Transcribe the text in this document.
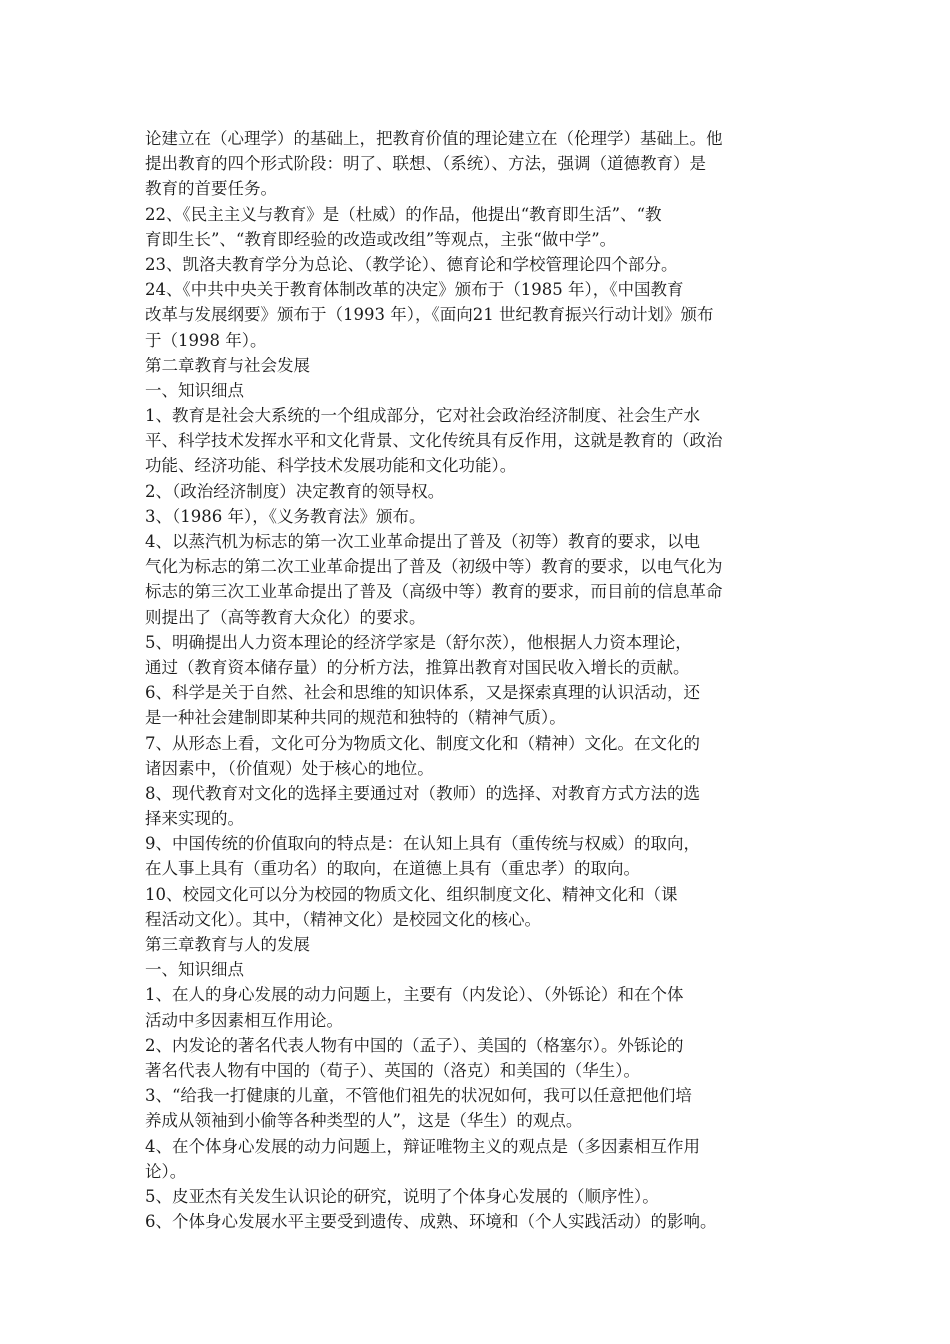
论建立在（心理学）的基础上，把教育价值的理论建立在（伦理学）基础上。他
提出教育的四个形式阶段：明了、联想、（系统）、方法，强调（道德教育）是
教育的首要任务。
22、《民主主义与教育》是（杜威）的作品，他提出“教育即生活”、“教
育即生长”、“教育即经验的改造或改组”等观点，主张“做中学”。
23、凯洛夫教育学分为总论、（教学论）、德育论和学校管理论四个部分。
24、《中共中央关于教育体制改革的决定》颁布于（1985 年），《中国教育
改革与发展纲要》颁布于（1993 年），《面向21 世纪教育振兴行动计划》颁布
于（1998 年）。
第二章教育与社会发展
一、知识细点
1、教育是社会大系统的一个组成部分，它对社会政治经济制度、社会生产水
平、科学技术发挥水平和文化背景、文化传统具有反作用，这就是教育的（政治
功能、经济功能、科学技术发展功能和文化功能）。
2、（政治经济制度）决定教育的领导权。
3、（1986 年），《义务教育法》颁布。
4、以蒸汽机为标志的第一次工业革命提出了普及（初等）教育的要求，以电
气化为标志的第二次工业革命提出了普及（初级中等）教育的要求，以电气化为
标志的第三次工业革命提出了普及（高级中等）教育的要求，而目前的信息革命
则提出了（高等教育大众化）的要求。
5、明确提出人力资本理论的经济学家是（舒尔茨），他根据人力资本理论，
通过（教育资本储存量）的分析方法，推算出教育对国民收入增长的贡献。
6、科学是关于自然、社会和思维的知识体系，又是探索真理的认识活动，还
是一种社会建制即某种共同的规范和独特的（精神气质）。
7、从形态上看，文化可分为物质文化、制度文化和（精神）文化。在文化的
诸因素中，（价值观）处于核心的地位。
8、现代教育对文化的选择主要通过对（教师）的选择、对教育方式方法的选
择来实现的。
9、中国传统的价值取向的特点是：在认知上具有（重传统与权威）的取向，
在人事上具有（重功名）的取向，在道德上具有（重忠孝）的取向。
10、校园文化可以分为校园的物质文化、组织制度文化、精神文化和（课
程活动文化）。其中，（精神文化）是校园文化的核心。
第三章教育与人的发展
一、知识细点
1、在人的身心发展的动力问题上，主要有（内发论）、（外铄论）和在个体
活动中多因素相互作用论。
2、内发论的著名代表人物有中国的（孟子）、美国的（格塞尔）。外铄论的
著名代表人物有中国的（荀子）、英国的（洛克）和美国的（华生）。
3、“给我一打健康的儿童，不管他们祖先的状况如何，我可以任意把他们培
养成从领袖到小偷等各种类型的人”，这是（华生）的观点。
4、在个体身心发展的动力问题上，辩证唯物主义的观点是（多因素相互作用
论）。
5、皮亚杰有关发生认识论的研究，说明了个体身心发展的（顺序性）。
6、个体身心发展水平主要受到遗传、成熟、环境和（个人实践活动）的影响。
